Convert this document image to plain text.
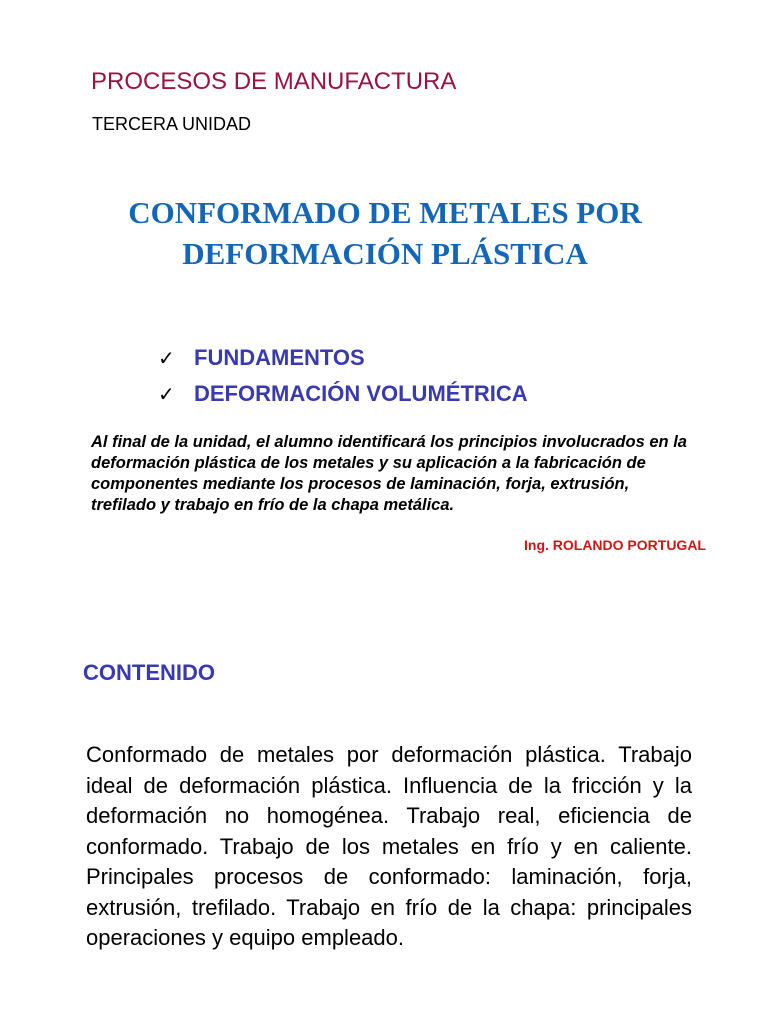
PROCESOS DE MANUFACTURA
TERCERA UNIDAD
CONFORMADO DE METALES POR
DEFORMACIÓN PLÁSTICA
✓ FUNDAMENTOS
✓ DEFORMACIÓN VOLUMÉTRICA
Al final de la unidad, el alumno identificará los principios involucrados en la deformación plástica de los metales y su aplicación a la fabricación de componentes mediante los procesos de laminación, forja, extrusión, trefilado y trabajo en frío de la chapa metálica.
Ing. ROLANDO PORTUGAL
CONTENIDO
Conformado de metales por deformación plástica. Trabajo ideal de deformación plástica. Influencia de la fricción y la deformación no homogénea. Trabajo real, eficiencia de conformado. Trabajo de los metales en frío y en caliente. Principales procesos de conformado: laminación, forja, extrusión, trefilado. Trabajo en frío de la chapa: principales operaciones y equipo empleado.
